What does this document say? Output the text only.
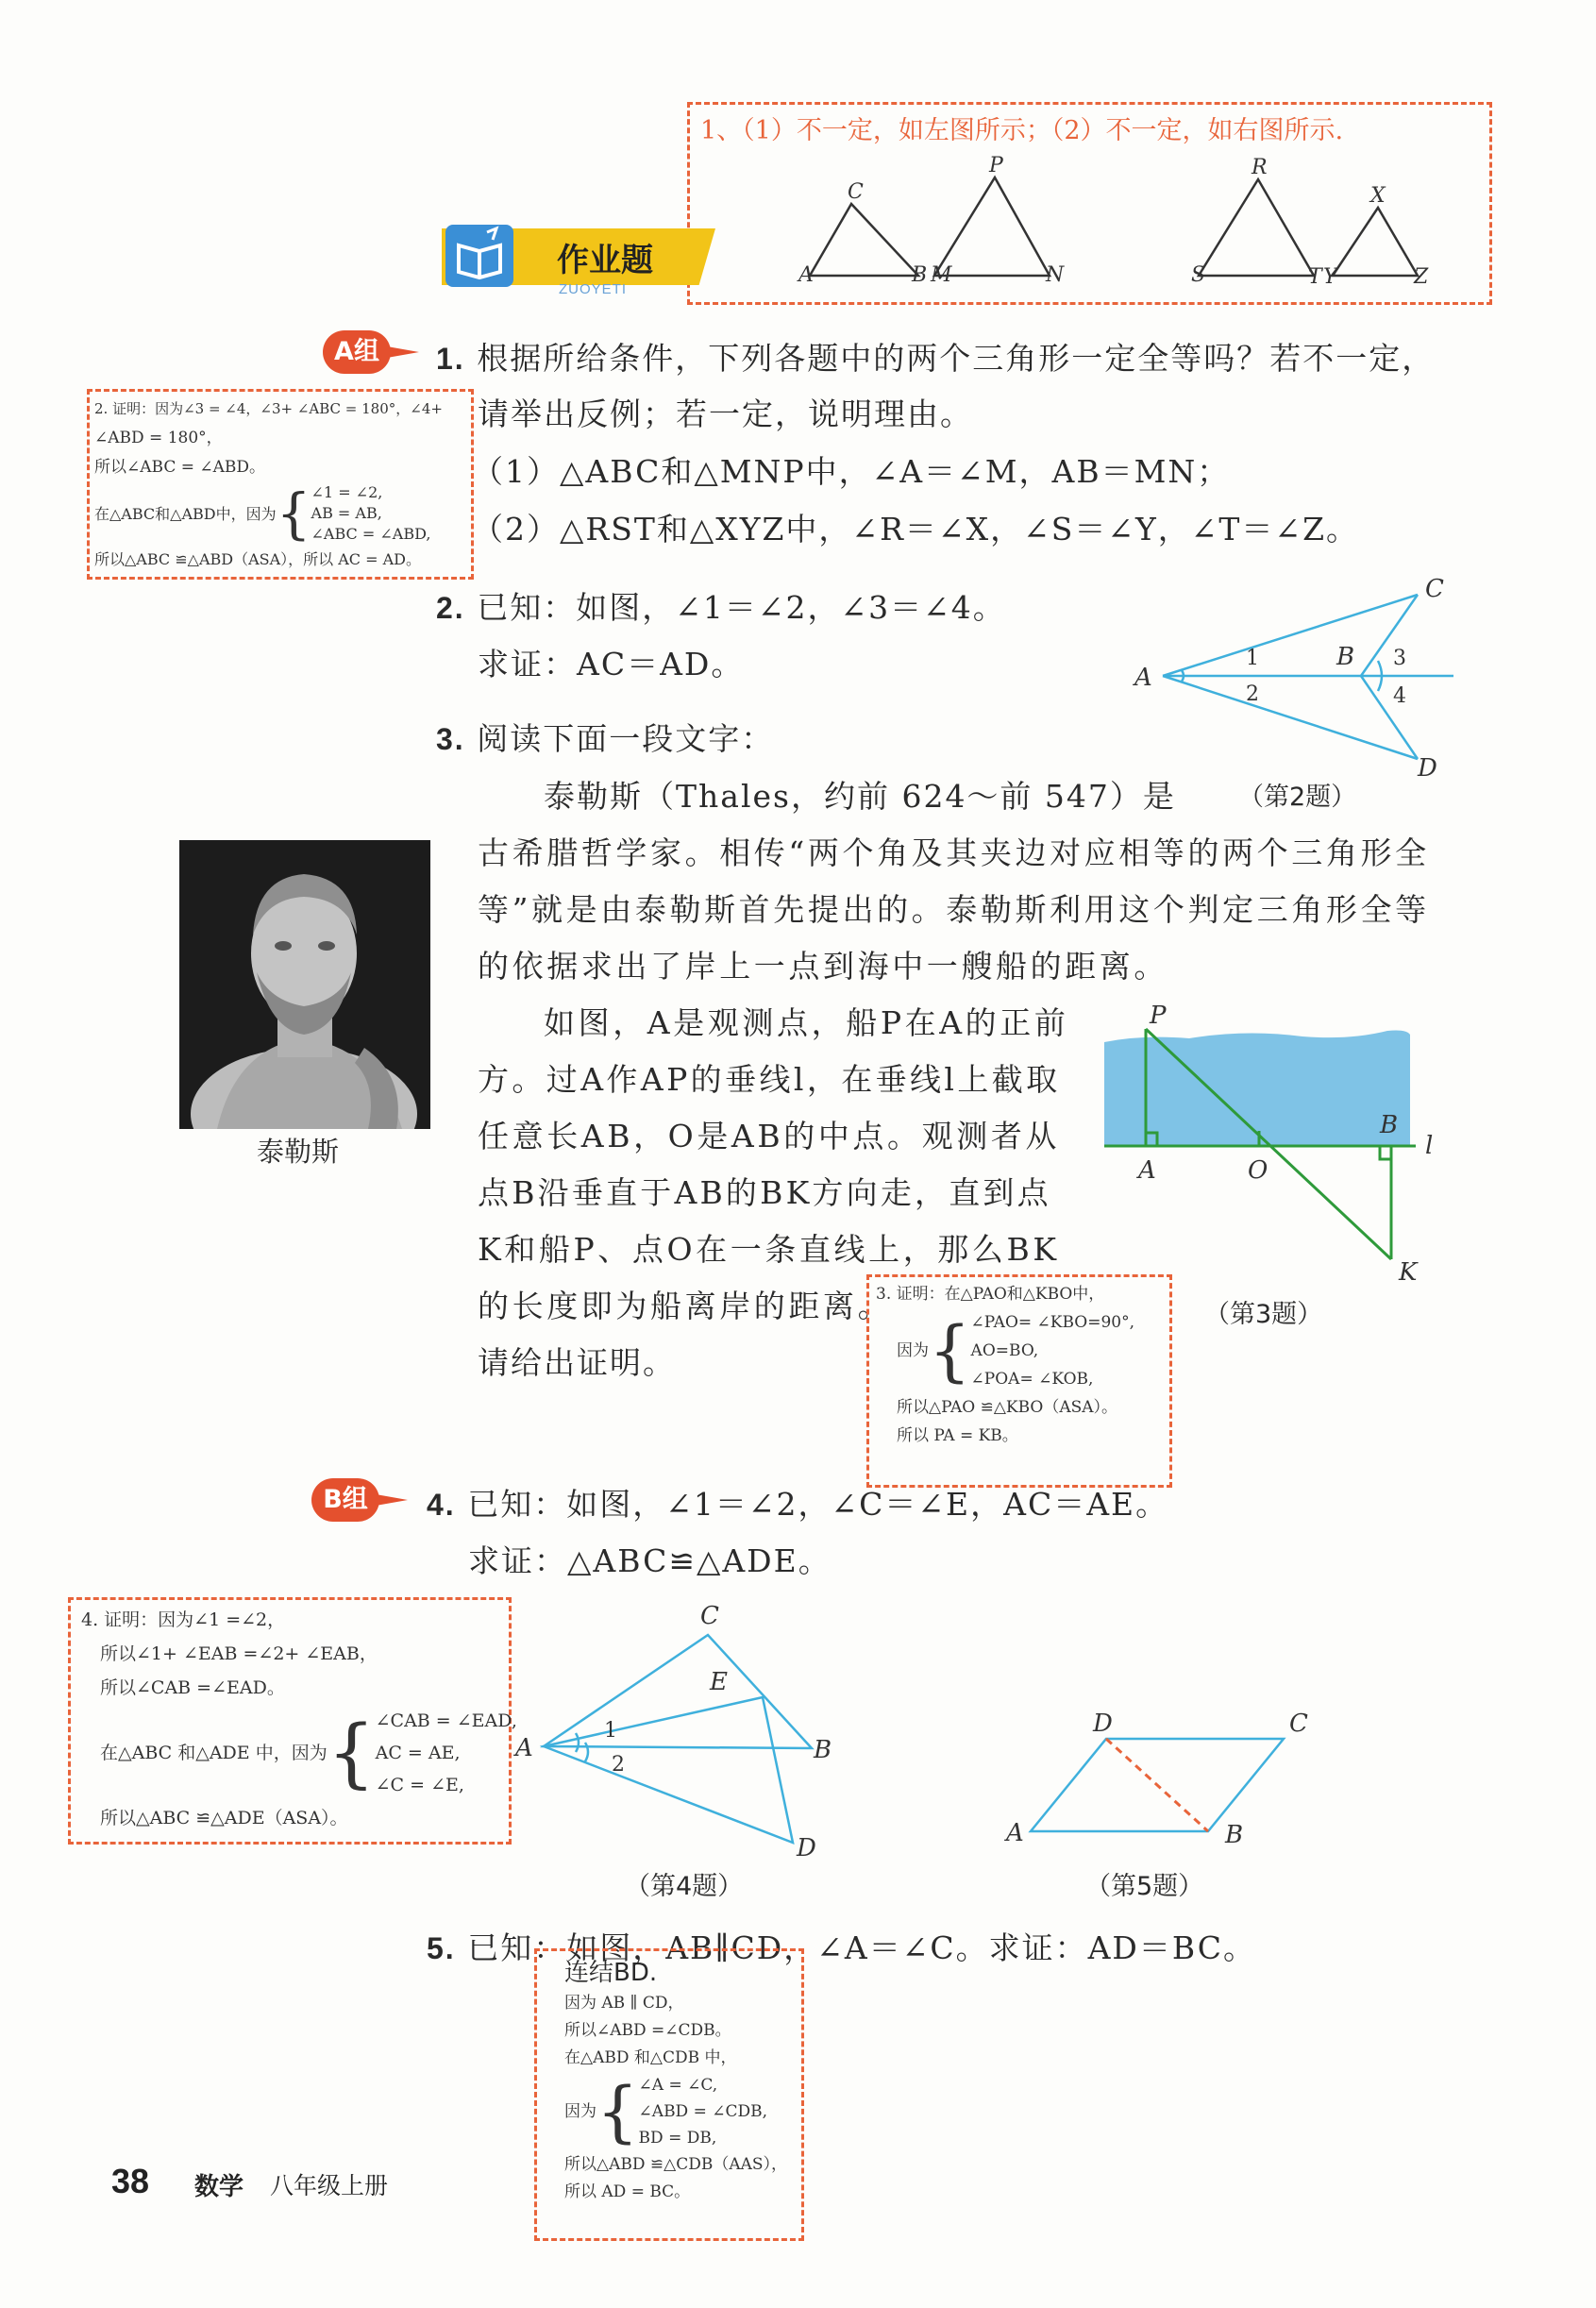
1、（1）不一定，如左图所示；（2）不一定，如右图所示.
C
A	B
P
M	N
R
S	T
X
Y	Z
作业题
ZUOYETI
A组	1. 根据所给条件，下列各题中的两个三角形一定全等吗？若不一定，
请举出反例；若一定，说明理由。
（1）△ABC和△MNP中，∠A＝∠M，AB＝MN；
（2）△RST和△XYZ中，∠R＝∠X，∠S＝∠Y，∠T＝∠Z。
2. 证明：因为∠3 = ∠4，∠3+ ∠ABC = 180°，∠4+
∠ABD = 180°，
所以∠ABC = ∠ABD。
在△ABC和△ABD中，因为 { ∠1 = ∠2,
AB = AB,
∠ABC = ∠ABD,
所以△ABC ≌△ABD（ASA），所以 AC = AD。
2. 已知：如图，∠1＝∠2，∠3＝∠4。
求证：AC＝AD。	A
B
C
D
1
2
3
4
（第2题）
3. 阅读下面一段文字：
泰勒斯（Thales，约前 624～前 547）是
古希腊哲学家。相传“两个角及其夹边对应相等的两个三角形全
等”就是由泰勒斯首先提出的。泰勒斯利用这个判定三角形全等
的依据求出了岸上一点到海中一艘船的距离。
如图，A是观测点，船P在A的正前
方。过A作AP的垂线l，在垂线l上截取
任意长AB，O是AB的中点。观测者从
点B沿垂直于AB的BK方向走，直到点
K和船P、点O在一条直线上，那么BK
的长度即为船离岸的距离。
请给出证明。
泰勒斯
P
A	O
B
l
K
（第3题）
3. 证明：在△PAO和△KBO中，
因为 { ∠PAO= ∠KBO=90°,
AO=BO,
∠POA= ∠KOB,
所以△PAO ≌△KBO（ASA）。
所以 PA = KB。
B组	4. 已知：如图，∠1＝∠2，∠C＝∠E，AC＝AE。
求证：△ABC≌△ADE。
4. 证明：因为∠1 =∠2，
所以∠1+ ∠EAB =∠2+ ∠EAB，
所以∠CAB =∠EAD。
在△ABC 和△ADE 中，因为 { ∠CAB = ∠EAD,
AC = AE,
∠C = ∠E,
所以△ABC ≌△ADE（ASA）。
C
E
A	B
D
1
2
（第4题）
D	C
A	B
（第5题）
5. 已知：如图，AB∥CD，∠A＝∠C。求证：AD＝BC。
连结BD.
因为 AB ∥ CD，
所以∠ABD =∠CDB。
在△ABD 和△CDB 中，
因为 { ∠A = ∠C,
∠ABD = ∠CDB,
BD = DB,
所以△ABD ≌△CDB（AAS），
所以 AD = BC。
38 数学 八年级上册
